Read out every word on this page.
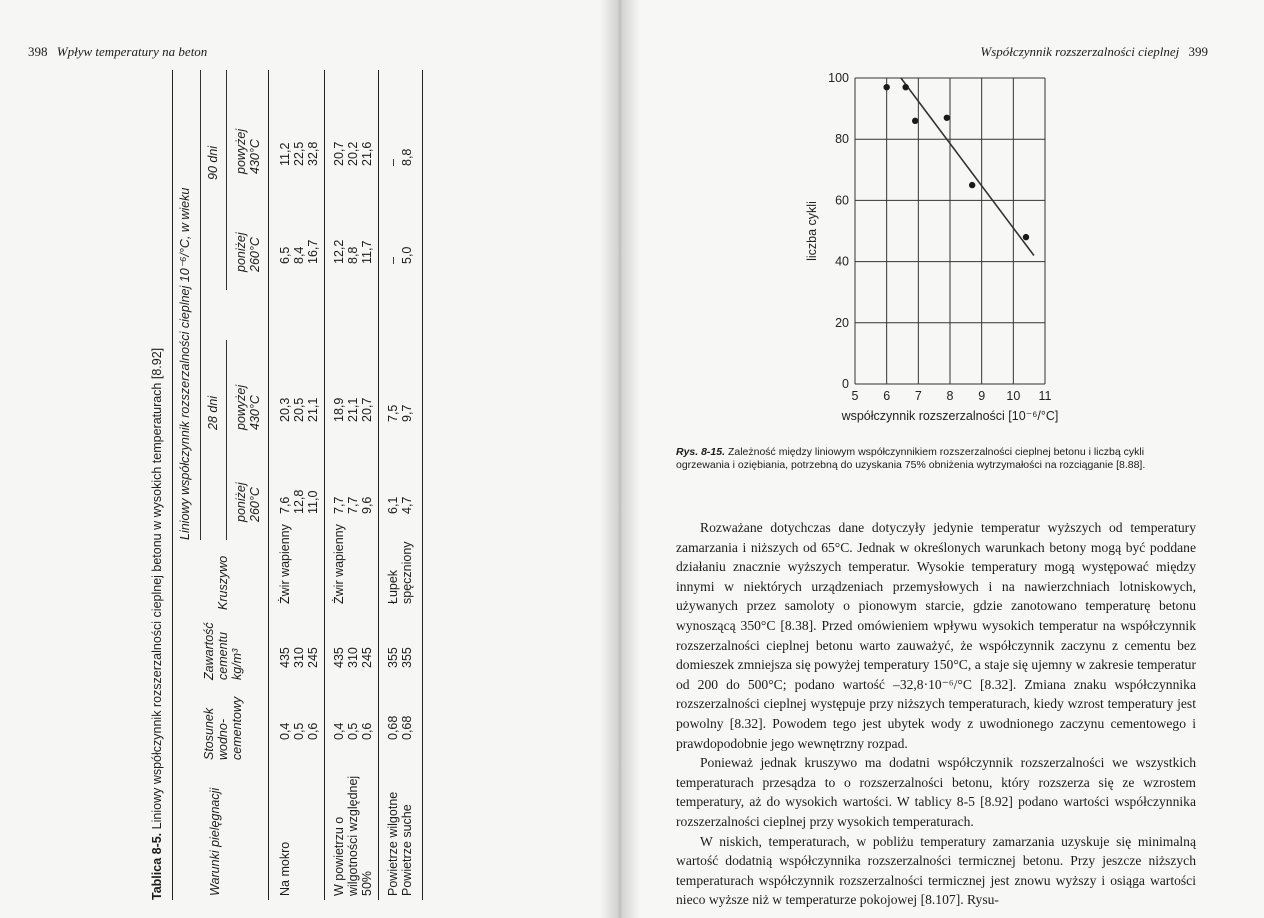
398 Wpływ temperatury na beton	Współczynnik rozszerzalności cieplnej 399
Tablica 8-5. Liniowy współczynnik rozszerzalności cieplnej betonu w wysokich temperaturach [8.92] Liniowy współczynnik rozszerzalności cieplnej 10⁻⁶/°C, w wieku 28 dni
90 dni
Warunki pielęgnacji
Stosunek wodno-cementowy
Zawartość cementu kg/m³
Kruszywo
poniżej 260°C
powyżej 430°C
poniżej 260°C
powyżej 430°C
Na mokro
Żwir wapienny
0,4 0,5 0,6
435 310 245
7,6 12,8 11,0
20,3 20,5 21,1
6,5 8,4 16,7
11,2 22,5 32,8
W powietrzu o wilgotności względnej 50%
Żwir wapienny
0,4 0,5 0,6
435 310 245
7,7 7,7 9,6
18,9 21,1 20,7
12,2 8,8 11,7
20,7 20,2 21,6
Powietrze wilgotne
Powietrze suche
Łupek spęczniony
0,68 0,68
355 355
6,1 4,7
7,5 9,7
– 5,0
– 8,8
5 6 7 8 9 10 11
0
20
40
60
80
100
współczynnik rozszerzalności [10⁻⁶/°C]
liczba cykli
Rys. 8-15. Zależność między liniowym współczynnikiem rozszerzalności cieplnej betonu i liczbą cykli ogrzewania i oziębiania, potrzebną do uzyskania 75% obniżenia wytrzymałości na rozciąganie [8.88].

Rozważane dotychczas dane dotyczyły jedynie temperatur wyższych od temperatury zamarzania i niższych od 65°C. Jednak w określonych warunkach betony mogą być poddane działaniu znacznie wyższych temperatur. Wysokie temperatury mogą występować między innymi w niektórych urządzeniach przemysłowych i na nawierzchniach lotniskowych, używanych przez samoloty o pionowym starcie, gdzie zanotowano temperaturę betonu wynoszącą 350°C [8.38]. Przed omówieniem wpływu wysokich temperatur na współczynnik rozszerzalności cieplnej betonu warto zauważyć, że współczynnik zaczynu z cementu bez domieszek zmniejsza się powyżej temperatury 150°C, a staje się ujemny w zakresie temperatur od 200 do 500°C; podano wartość –32,8·10⁻⁶/°C [8.32]. Zmiana znaku współczynnika rozszerzalności cieplnej występuje przy niższych temperaturach, kiedy wzrost temperatury jest powolny [8.32]. Powodem tego jest ubytek wody z uwodnionego zaczynu cementowego i prawdopodobnie jego wewnętrzny rozpad.

Ponieważ jednak kruszywo ma dodatni współczynnik rozszerzalności we wszystkich temperaturach przesądza to o rozszerzalności betonu, który rozszerza się ze wzrostem temperatury, aż do wysokich wartości. W tablicy 8-5 [8.92] podano wartości współczynnika rozszerzalności cieplnej przy wysokich temperaturach.

W niskich, temperaturach, w pobliżu temperatury zamarzania uzyskuje się minimalną wartość dodatnią współczynnika rozszerzalności termicznej betonu. Przy jeszcze niższych temperaturach współczynnik rozszerzalności termicznej jest znowu wyższy i osiąga wartości nieco wyższe niż w temperaturze pokojowej [8.107]. Rysu-
